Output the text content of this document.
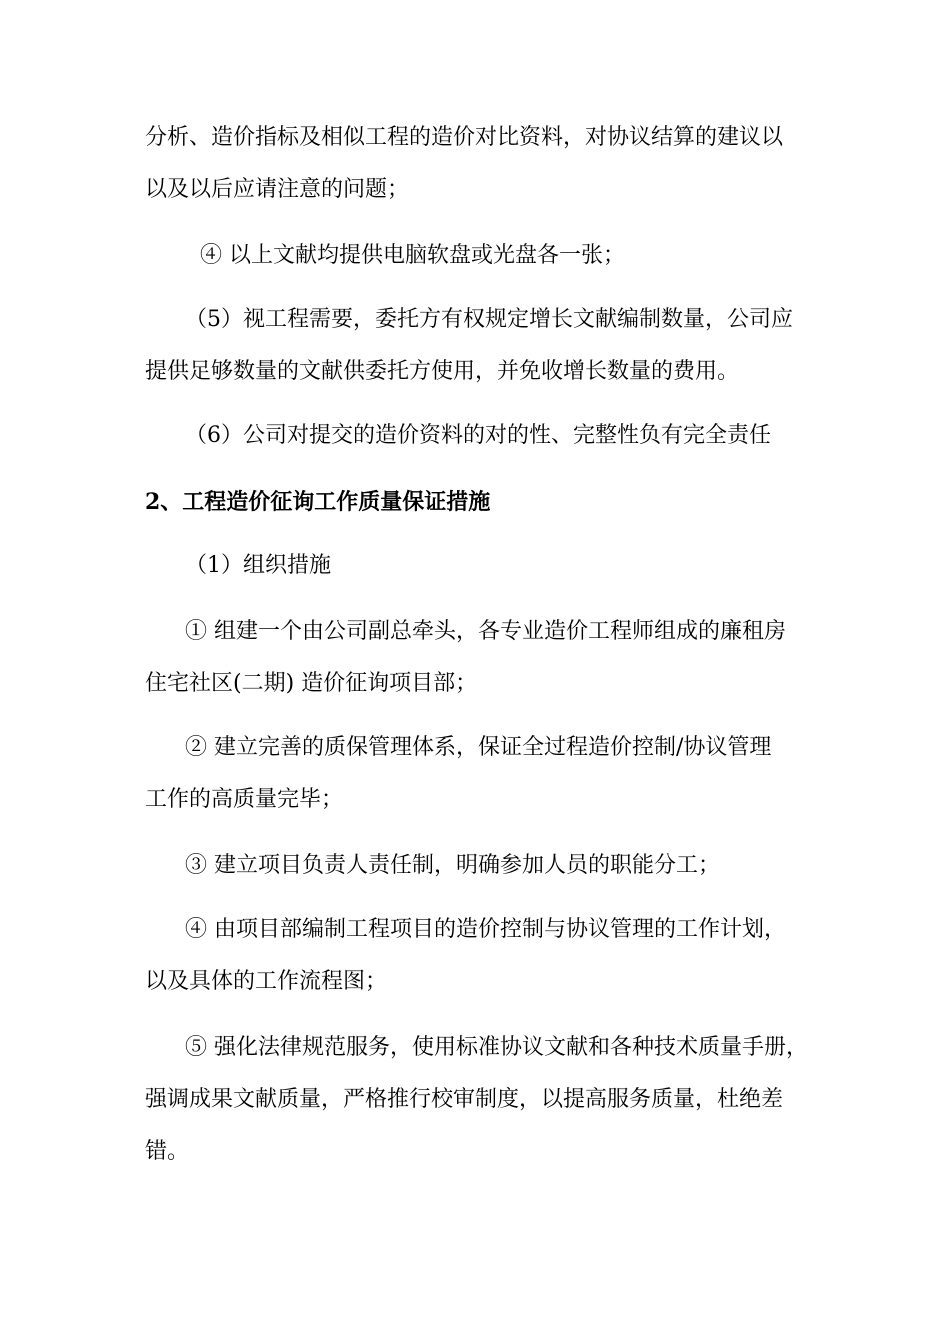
分析、造价指标及相似工程的造价对比资料，对协议结算的建议以
以及以后应请注意的问题；
④ 以上文献均提供电脑软盘或光盘各一张；
（5）视工程需要，委托方有权规定增长文献编制数量，公司应
提供足够数量的文献供委托方使用，并免收增长数量的费用。
（6）公司对提交的造价资料的对的性、完整性负有完全责任
2、工程造价征询工作质量保证措施
（1）组织措施
① 组建一个由公司副总牵头，各专业造价工程师组成的廉租房
住宅社区(二期) 造价征询项目部；
② 建立完善的质保管理体系，保证全过程造价控制/协议管理
工作的高质量完毕；
③ 建立项目负责人责任制，明确参加人员的职能分工；
④ 由项目部编制工程项目的造价控制与协议管理的工作计划，
以及具体的工作流程图；
⑤ 强化法律规范服务，使用标准协议文献和各种技术质量手册，
强调成果文献质量，严格推行校审制度，以提高服务质量，杜绝差
错。
